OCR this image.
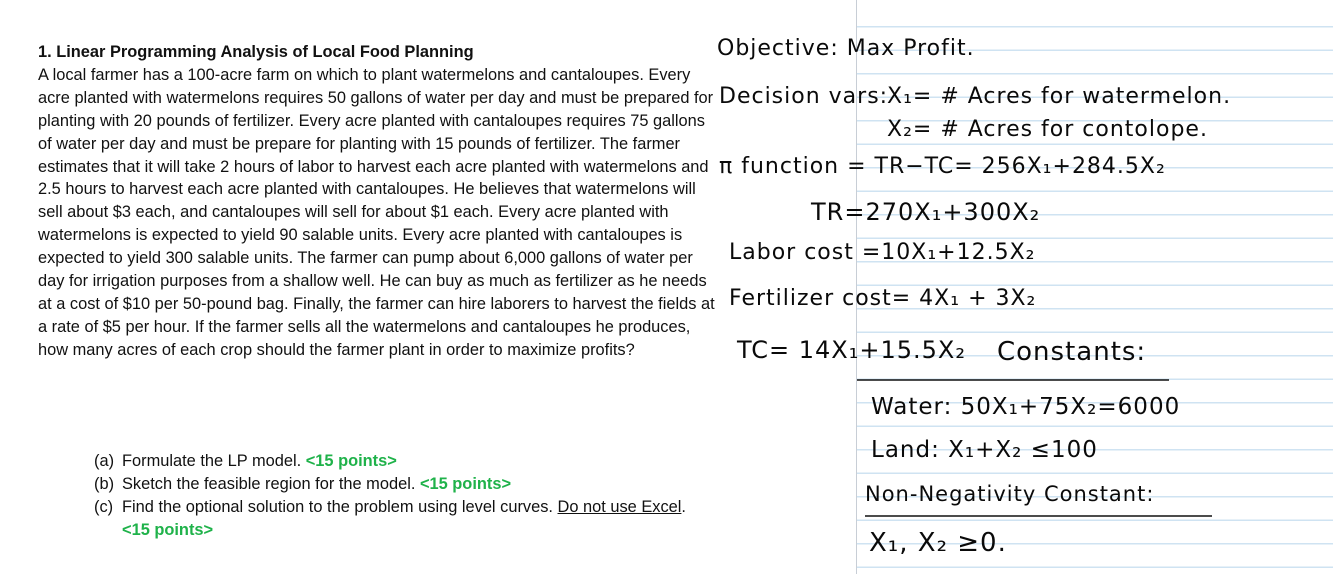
1. Linear Programming Analysis of Local Food Planning
A local farmer has a 100-acre farm on which to plant watermelons and cantaloupes. Every acre planted with watermelons requires 50 gallons of water per day and must be prepared for planting with 20 pounds of fertilizer. Every acre planted with cantaloupes requires 75 gallons of water per day and must be prepare for planting with 15 pounds of fertilizer. The farmer estimates that it will take 2 hours of labor to harvest each acre planted with watermelons and 2.5 hours to harvest each acre planted with cantaloupes. He believes that watermelons will sell about $3 each, and cantaloupes will sell for about $1 each. Every acre planted with watermelons is expected to yield 90 salable units. Every acre planted with cantaloupes is expected to yield 300 salable units. The farmer can pump about 6,000 gallons of water per day for irrigation purposes from a shallow well. He can buy as much as fertilizer as he needs at a cost of $10 per 50-pound bag. Finally, the farmer can hire laborers to harvest the fields at a rate of $5 per hour. If the farmer sells all the watermelons and cantaloupes he produces, how many acres of each crop should the farmer plant in order to maximize profits?
(a) Formulate the LP model. <15 points>
(b) Sketch the feasible region for the model. <15 points>
(c) Find the optional solution to the problem using level curves. Do not use Excel. <15 points>
Objective: Max Profit.
Decision vars:
X₁= # Acres for watermelon.
X₂= # Acres for contolope.
π function = TR−TC= 256X₁+284.5X₂
TR=270X₁+300X₂
Labor cost =10X₁+12.5X₂
Fertilizer cost= 4X₁ + 3X₂
TC= 14X₁+15.5X₂ Constants:
Water: 50X₁+75X₂=6000
Land: X₁+X₂ ≤100
Non-Negativity Constant:
X₁, X₂ ≥0.
